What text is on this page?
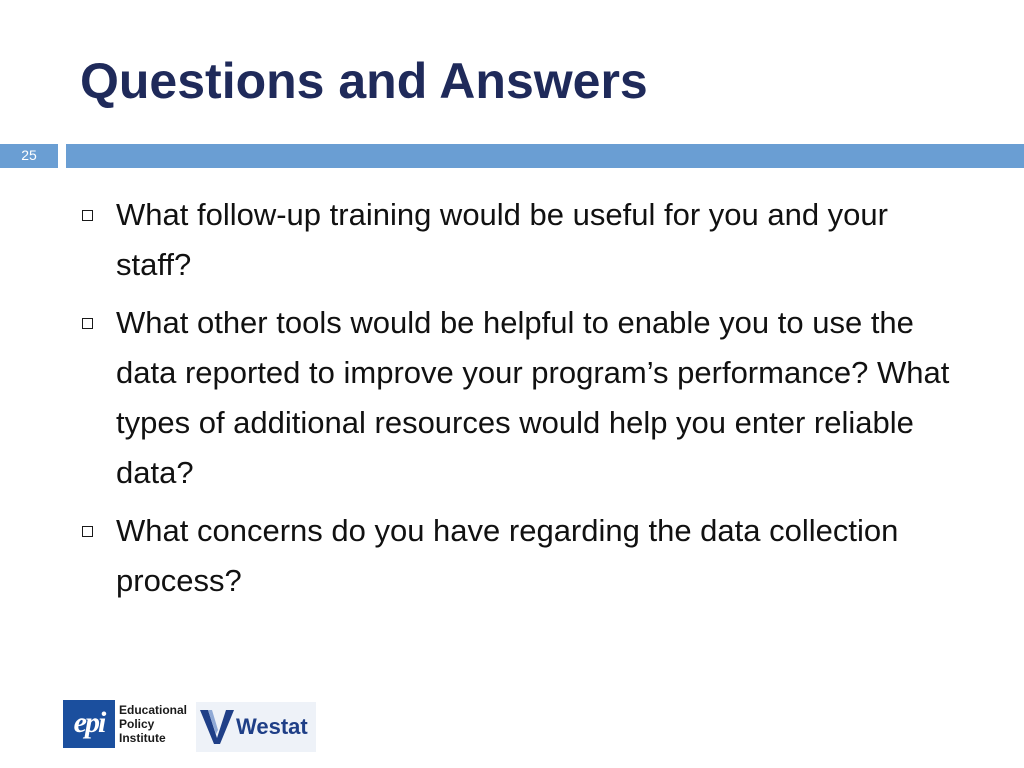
Questions and Answers
25
What follow-up training would be useful for you and your staff?
What other tools would be helpful to enable you to use the data reported to improve your program’s performance? What types of additional resources would help you enter reliable data?
What concerns do you have regarding the data collection process?
epi	Educational
Policy
Institute	Westat
